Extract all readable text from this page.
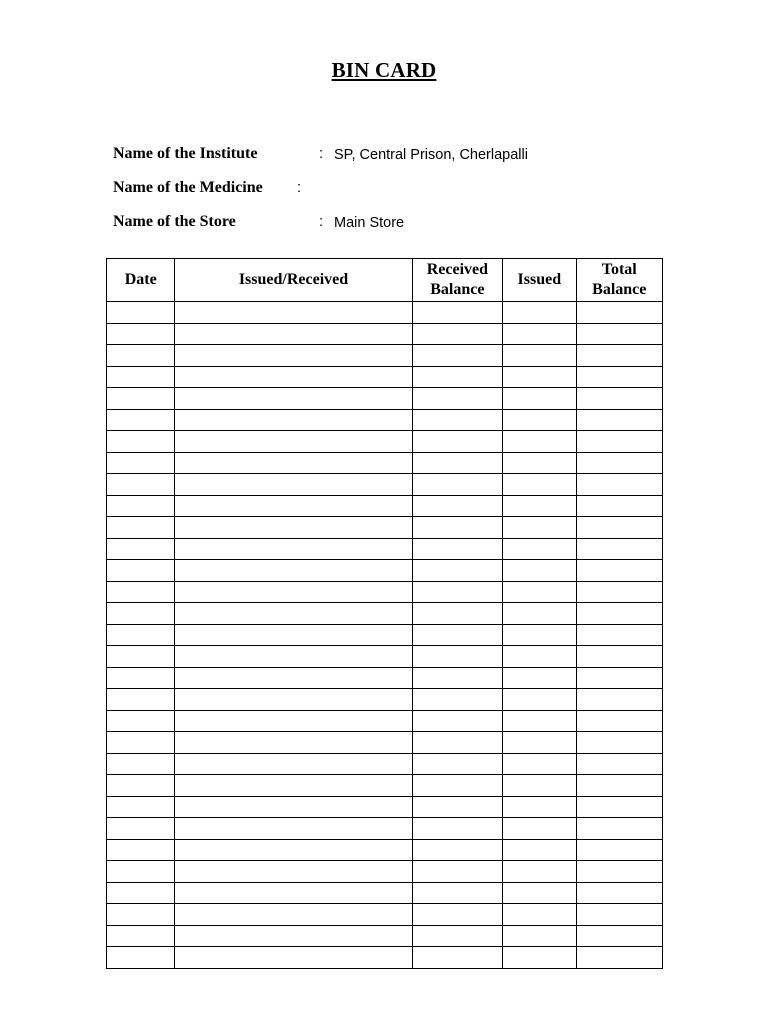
BIN CARD
Name of the Institute	: SP, Central Prison, Cherlapalli
Name of the Medicine :
Name of the Store	: Main Store
Date	Issued/Received	Received Balance	Issued	Total Balance
